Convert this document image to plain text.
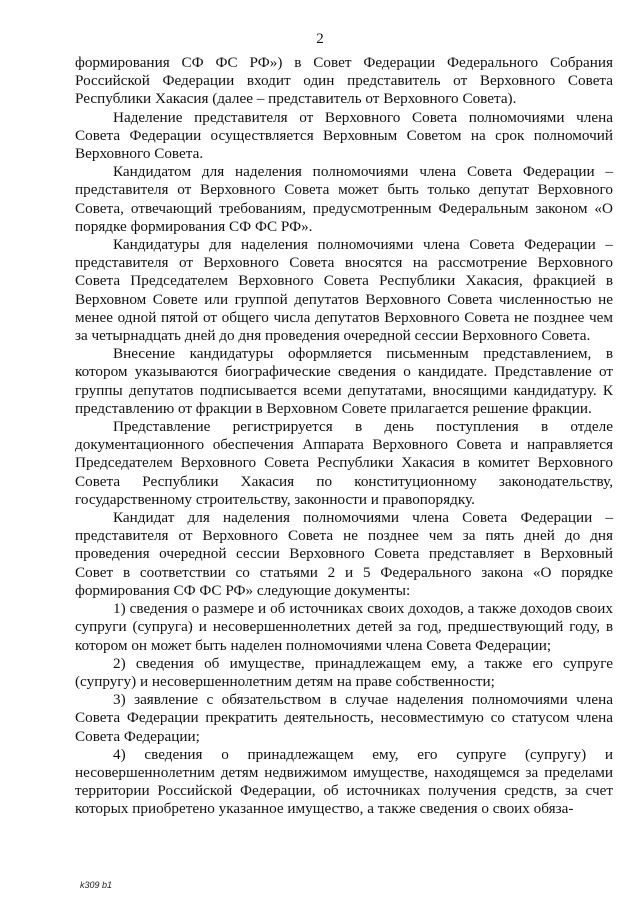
2

формирования СФ ФС РФ») в Совет Федерации Федерального Собрания Российской Федерации входит один представитель от Верховного Совета Республики Хакасия (далее – представитель от Верховного Совета).

Наделение представителя от Верховного Совета полномочиями члена Совета Федерации осуществляется Верховным Советом на срок полномочий Верховного Совета.

Кандидатом для наделения полномочиями члена Совета Федерации – представителя от Верховного Совета может быть только депутат Верховного Совета, отвечающий требованиям, предусмотренным Федеральным законом «О порядке формирования СФ ФС РФ».

Кандидатуры для наделения полномочиями члена Совета Федерации – представителя от Верховного Совета вносятся на рассмотрение Верховного Совета Председателем Верховного Совета Республики Хакасия, фракцией в Верховном Совете или группой депутатов Верховного Совета численностью не менее одной пятой от общего числа депутатов Верховного Совета не позднее чем за четырнадцать дней до дня проведения очередной сессии Верховного Совета.

Внесение кандидатуры оформляется письменным представлением, в котором указываются биографические сведения о кандидате. Представление от группы депутатов подписывается всеми депутатами, вносящими кандидатуру. К представлению от фракции в Верховном Совете прилагается решение фракции.

Представление регистрируется в день поступления в отделе документационного обеспечения Аппарата Верховного Совета и направляется Председателем Верховного Совета Республики Хакасия в комитет Верховного Совета Республики Хакасия по конституционному законодательству, государственному строительству, законности и правопорядку.

Кандидат для наделения полномочиями члена Совета Федерации – представителя от Верховного Совета не позднее чем за пять дней до дня проведения очередной сессии Верховного Совета представляет в Верховный Совет в соответствии со статьями 2 и 5 Федерального закона «О порядке формирования СФ ФС РФ» следующие документы:

1) сведения о размере и об источниках своих доходов, а также доходов своих супруги (супруга) и несовершеннолетних детей за год, предшествующий году, в котором он может быть наделен полномочиями члена Совета Федерации;

2) сведения об имуществе, принадлежащем ему, а также его супруге (супругу) и несовершеннолетним детям на праве собственности;

3) заявление с обязательством в случае наделения полномочиями члена Совета Федерации прекратить деятельность, несовместимую со статусом члена Совета Федерации;

4) сведения о принадлежащем ему, его супруге (супругу) и несовершеннолетним детям недвижимом имуществе, находящемся за пределами территории Российской Федерации, об источниках получения средств, за счет которых приобретено указанное имущество, а также сведения о своих обяза-

k309 b1
